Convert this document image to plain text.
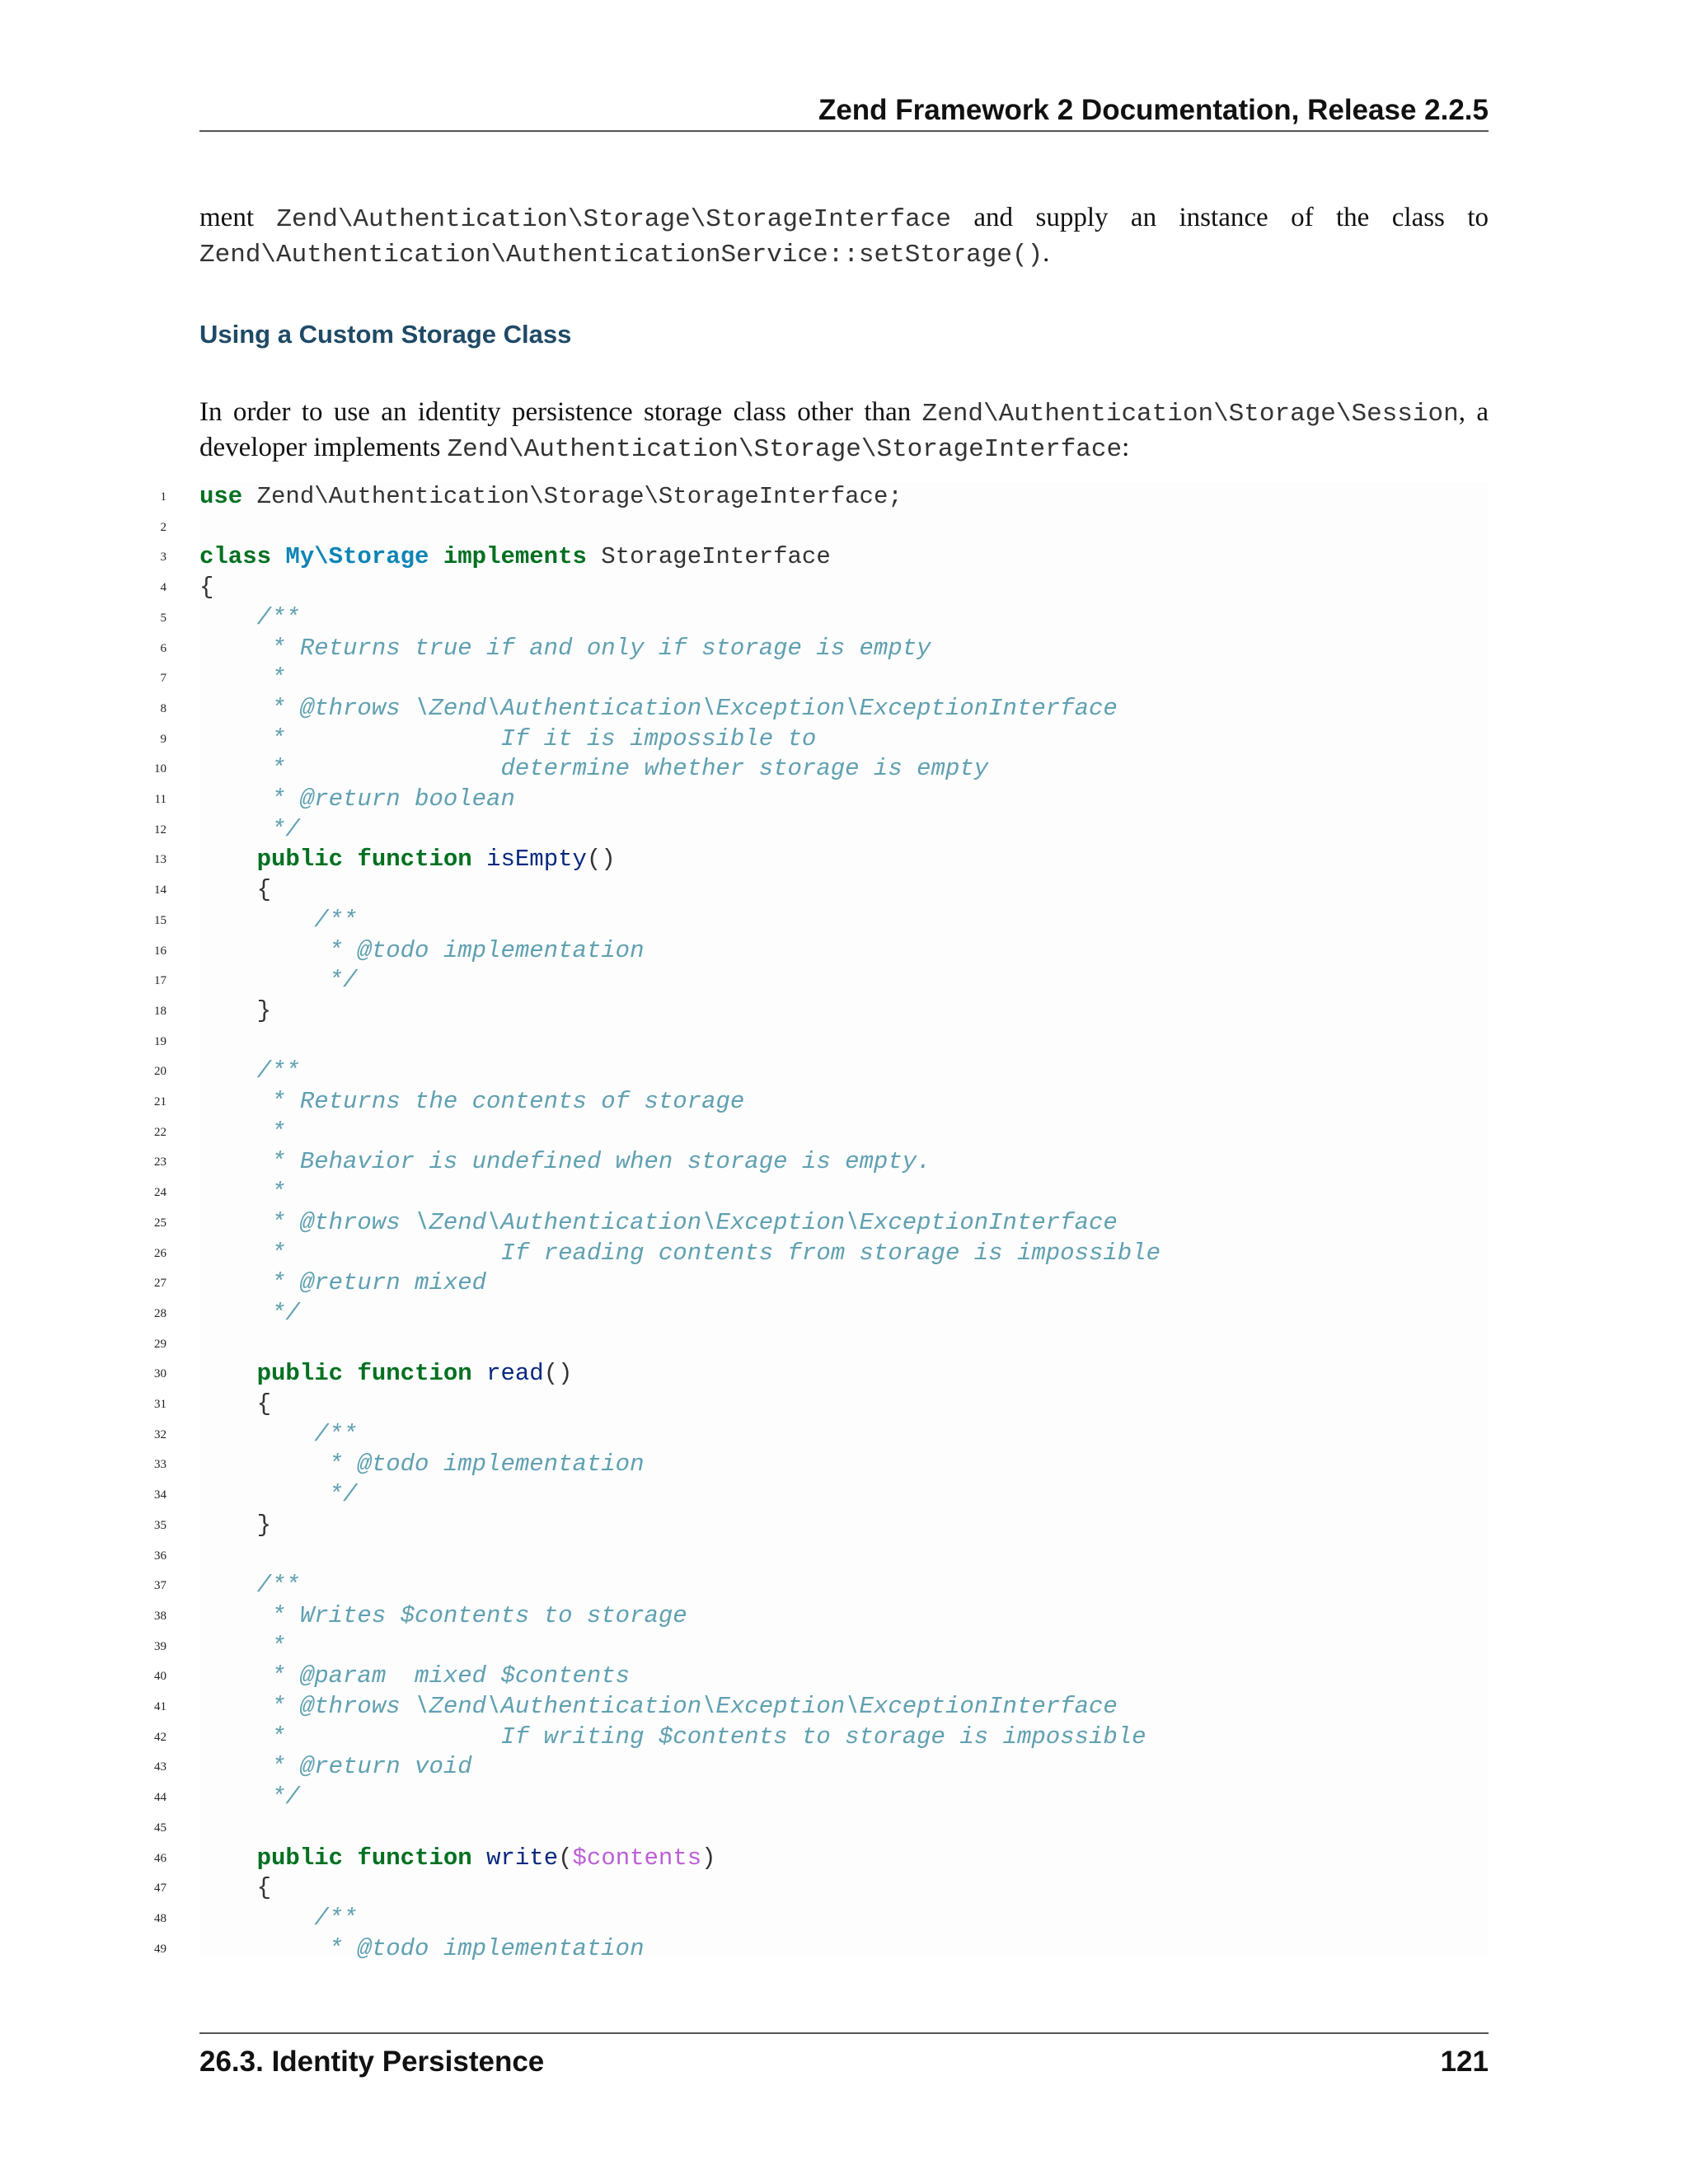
Zend Framework 2 Documentation, Release 2.2.5

ment Zend\Authentication\Storage\StorageInterface and supply an instance of the class to Zend\Authentication\AuthenticationService::setStorage().

Using a Custom Storage Class

In order to use an identity persistence storage class other than Zend\Authentication\Storage\Session, a developer implements Zend\Authentication\Storage\StorageInterface:

1 use Zend\Authentication\Storage\StorageInterface;
2
3 class My\Storage implements StorageInterface
4 {
5 /**
6 * Returns true if and only if storage is empty
7 *
8 * @throws \Zend\Authentication\Exception\ExceptionInterface
9 *               If it is impossible to
10 *               determine whether storage is empty
11 * @return boolean
12 */
13	public function isEmpty()
14 {
15 /**
16 * @todo implementation
17 */
18 }
19
20 /**
21 * Returns the contents of storage
22 *
23 * Behavior is undefined when storage is empty.
24 *
25 * @throws \Zend\Authentication\Exception\ExceptionInterface
26 *               If reading contents from storage is impossible
27 * @return mixed
28 */
29
30	public function read()
31 {
32 /**
33 * @todo implementation
34 */
35 }
36
37 /**
38 * Writes $contents to storage
39 *
40 * @param  mixed $contents
41 * @throws \Zend\Authentication\Exception\ExceptionInterface
42 *               If writing $contents to storage is impossible
43 * @return void
44 */
45
46	public function write($contents)
47 {
48 /**
49 * @todo implementation
26.3. Identity Persistence	121
